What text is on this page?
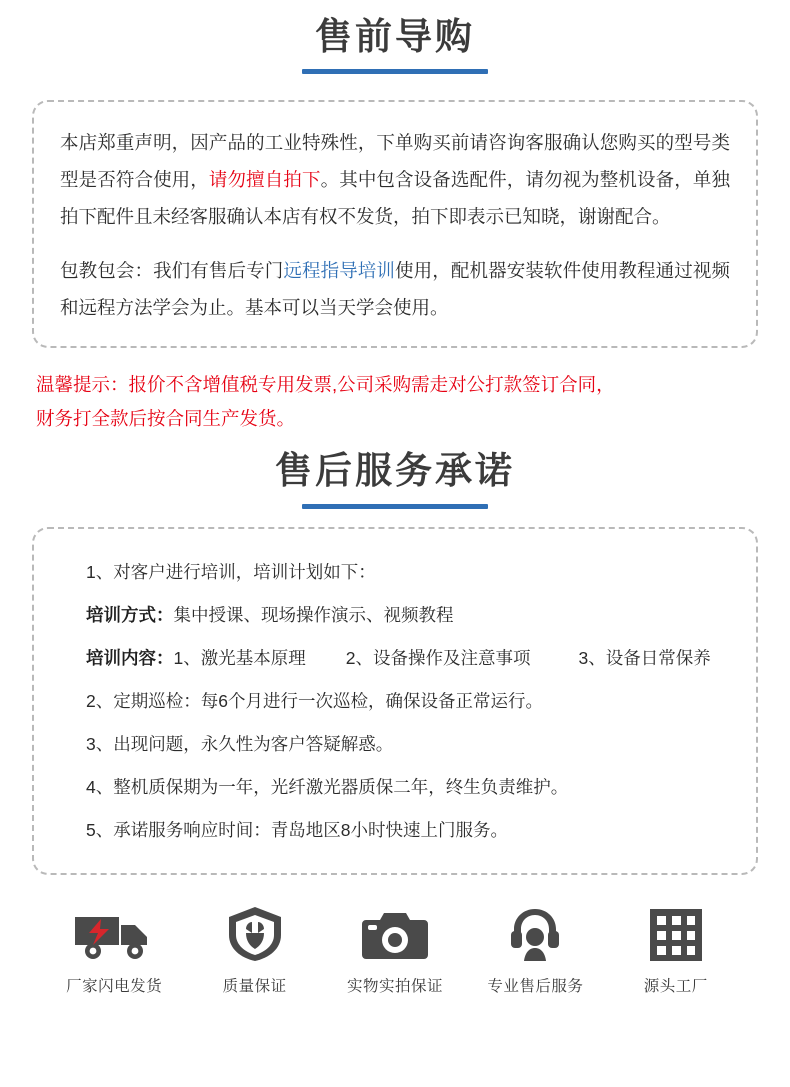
售前导购
本店郑重声明，因产品的工业特殊性，下单购买前请咨询客服确认您购买的型号类型是否符合使用，请勿擅自拍下。其中包含设备选配件，请勿视为整机设备，单独拍下配件且未经客服确认本店有权不发货，拍下即表示已知晓，谢谢配合。
包教包会：我们有售后专门远程指导培训使用，配机器安装软件使用教程通过视频和远程方法学会为止。基本可以当天学会使用。
温馨提示：报价不含增值税专用发票,公司采购需走对公打款签订合同，
财务打全款后按合同生产发货。
售后服务承诺
1、对客户进行培训，培训计划如下：
培训方式：集中授课、现场操作演示、视频教程
培训内容：1、激光基本原理 2、设备操作及注意事项	3、设备日常保养
2、定期巡检：每6个月进行一次巡检，确保设备正常运行。
3、出现问题，永久性为客户答疑解惑。
4、整机质保期为一年，光纤激光器质保二年，终生负责维护。
5、承诺服务响应时间：青岛地区8小时快速上门服务。
厂家闪电发货	质量保证	实物实拍保证	专业售后服务	源头工厂
